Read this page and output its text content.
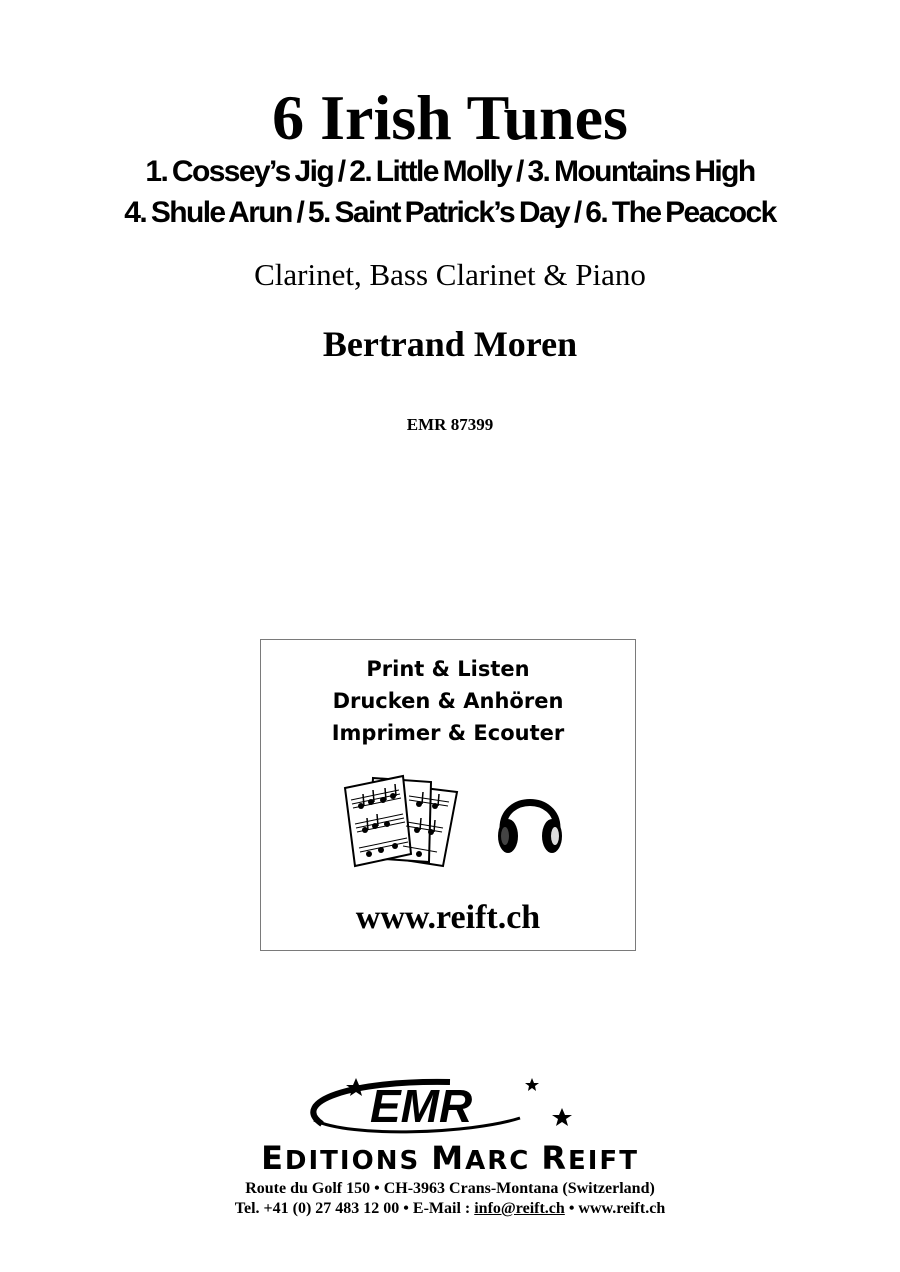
6 Irish Tunes
1. Cossey’s Jig / 2. Little Molly / 3. Mountains High
4. Shule Arun / 5. Saint Patrick’s Day / 6. The Peacock
Clarinet, Bass Clarinet & Piano
Bertrand Moren
EMR 87399
Print & Listen
Drucken & Anhören
Imprimer & Ecouter
www.reift.ch
EMR
EDITIONS MARC REIFT
Route du Golf 150 • CH-3963 Crans-Montana (Switzerland)
Tel. +41 (0) 27 483 12 00 • E-Mail : info@reift.ch • www.reift.ch
